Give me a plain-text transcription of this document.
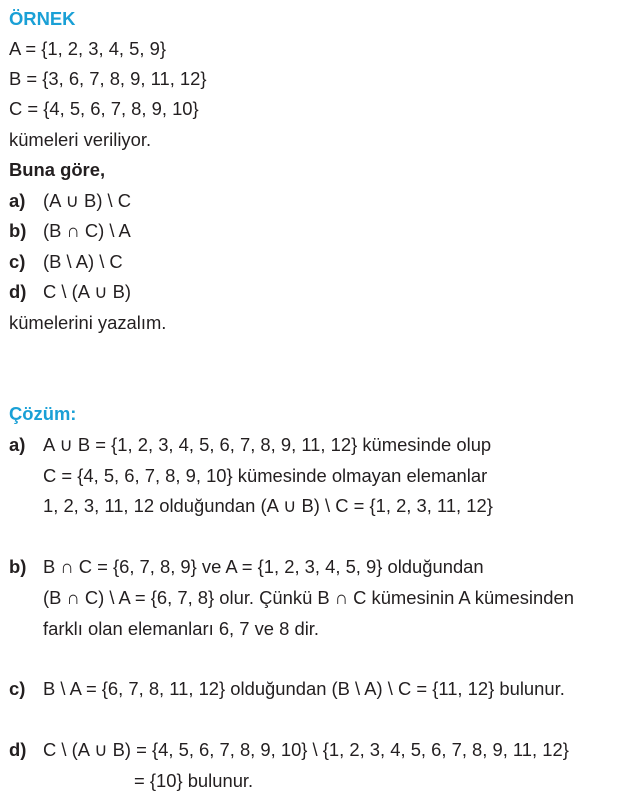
ÖRNEK
A = {1, 2, 3, 4, 5, 9}
B = {3, 6, 7, 8, 9, 11, 12}
C = {4, 5, 6, 7, 8, 9, 10}
kümeleri veriliyor.
Buna göre,
a) (A ∪ B) \ C
b) (B ∩ C) \ A
c) (B \ A) \ C
d) C \ (A ∪ B)
kümelerini yazalım.
Çözüm:
a) A ∪ B = {1, 2, 3, 4, 5, 6, 7, 8, 9, 11, 12} kümesinde olup
C = {4, 5, 6, 7, 8, 9, 10} kümesinde olmayan elemanlar
1, 2, 3, 11, 12 olduğundan (A ∪ B) \ C = {1, 2, 3, 11, 12}
b) B ∩ C = {6, 7, 8, 9} ve A = {1, 2, 3, 4, 5, 9} olduğundan
(B ∩ C) \ A = {6, 7, 8} olur. Çünkü B ∩ C kümesinin A kümesinden
farklı olan elemanları 6, 7 ve 8 dir.
c) B \ A = {6, 7, 8, 11, 12} olduğundan (B \ A) \ C = {11, 12} bulunur.
d) C \ (A ∪ B) = {4, 5, 6, 7, 8, 9, 10} \ {1, 2, 3, 4, 5, 6, 7, 8, 9, 11, 12}
= {10} bulunur.
